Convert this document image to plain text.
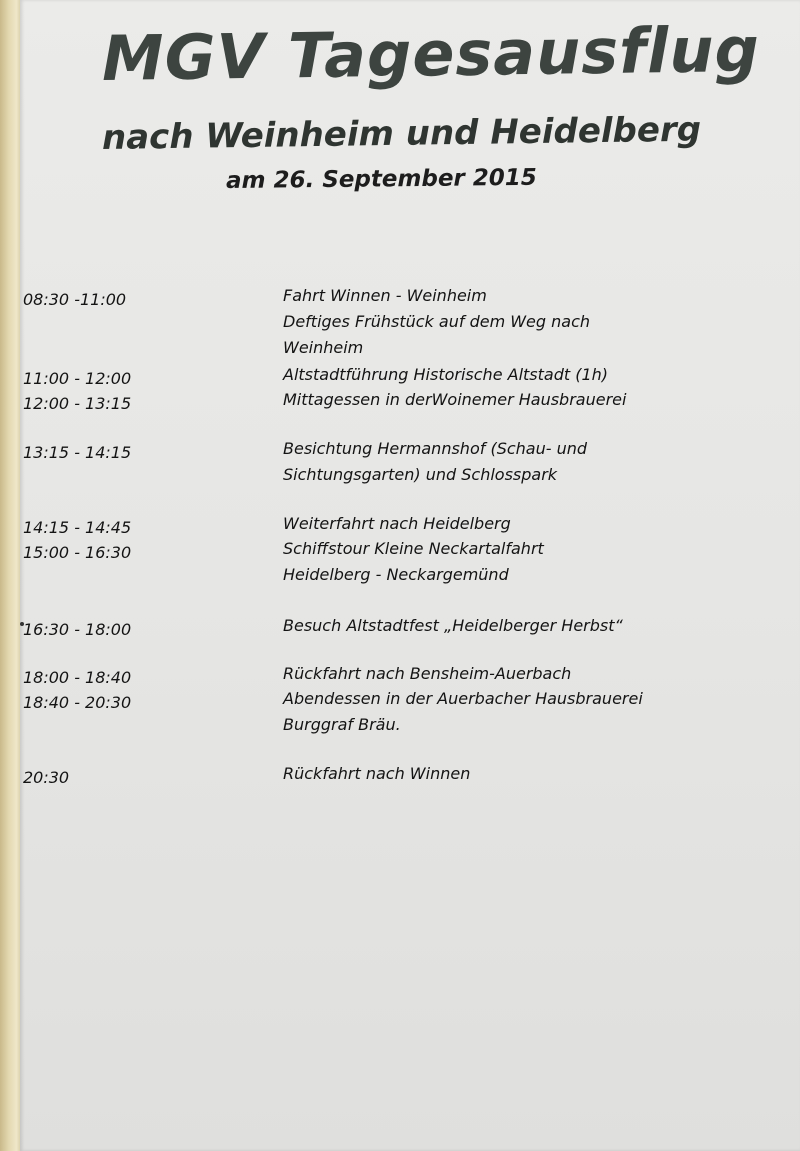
MGV Tagesausflug
nach Weinheim und Heidelberg
am 26. September 2015
08:30 -11:00	Fahrt Winnen - Weinheim
Deftiges Frühstück auf dem Weg nach
Weinheim
11:00 - 12:00	Altstadtführung Historische Altstadt (1h)
12:00 - 13:15	Mittagessen in derWoinemer Hausbrauerei
13:15 - 14:15	Besichtung Hermannshof (Schau- und
Sichtungsgarten) und Schlosspark
14:15 - 14:45	Weiterfahrt nach Heidelberg
15:00 - 16:30	Schiffstour Kleine Neckartalfahrt
Heidelberg - Neckargemünd
16:30 - 18:00	Besuch Altstadtfest „Heidelberger Herbst“
18:00 - 18:40	Rückfahrt nach Bensheim-Auerbach
18:40 - 20:30	Abendessen in der Auerbacher Hausbrauerei
Burggraf Bräu.
20:30	Rückfahrt nach Winnen
